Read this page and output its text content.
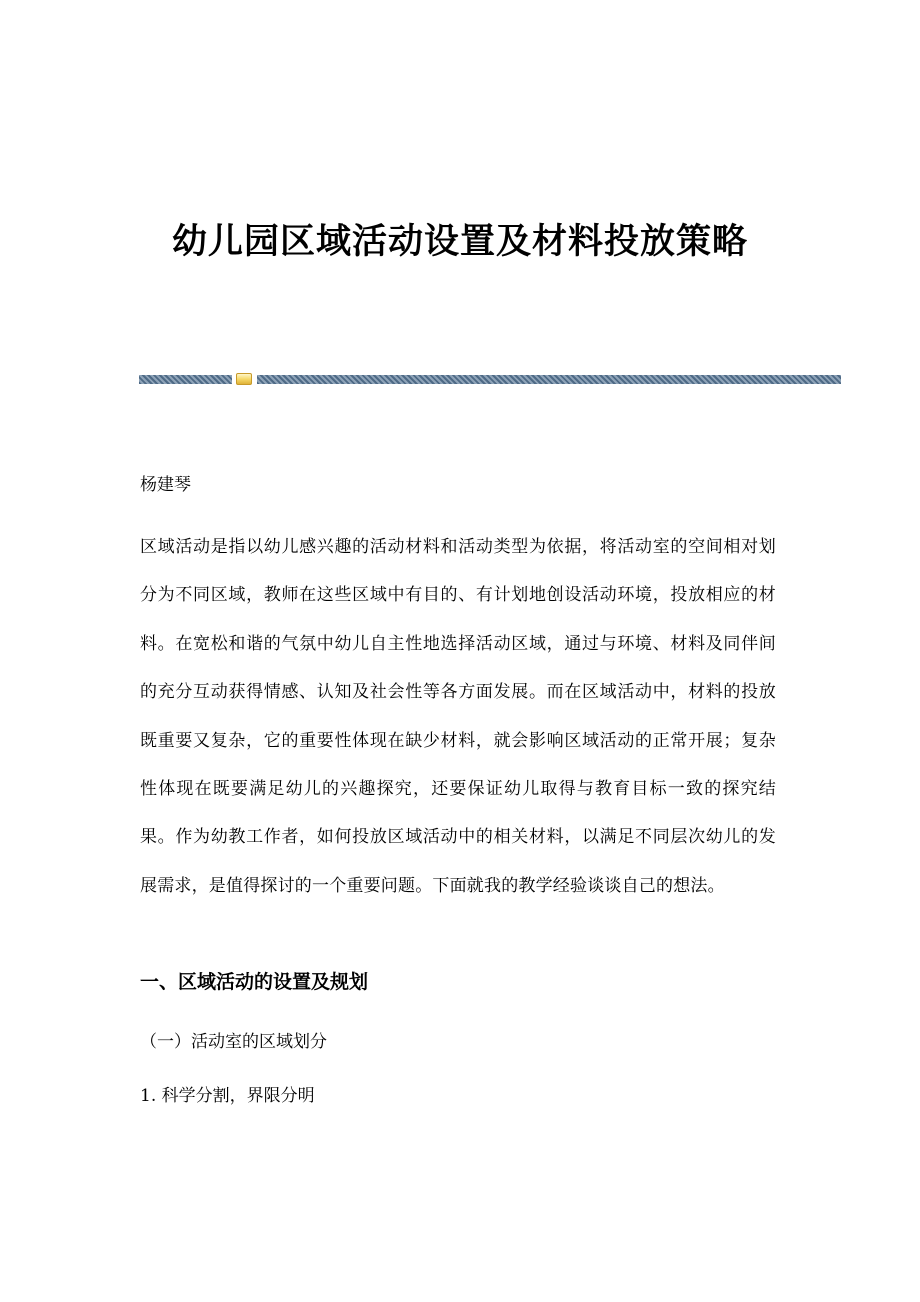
幼儿园区域活动设置及材料投放策略

杨建琴

区域活动是指以幼儿感兴趣的活动材料和活动类型为依据，将活动室的空间相对划分为不同区域，教师在这些区域中有目的、有计划地创设活动环境，投放相应的材料。在宽松和谐的气氛中幼儿自主性地选择活动区域，通过与环境、材料及同伴间的充分互动获得情感、认知及社会性等各方面发展。而在区域活动中，材料的投放既重要又复杂，它的重要性体现在缺少材料，就会影响区域活动的正常开展；复杂性体现在既要满足幼儿的兴趣探究，还要保证幼儿取得与教育目标一致的探究结果。作为幼教工作者，如何投放区域活动中的相关材料，以满足不同层次幼儿的发展需求，是值得探讨的一个重要问题。下面就我的教学经验谈谈自己的想法。

一、区域活动的设置及规划

（一）活动室的区域划分

1. 科学分割，界限分明
